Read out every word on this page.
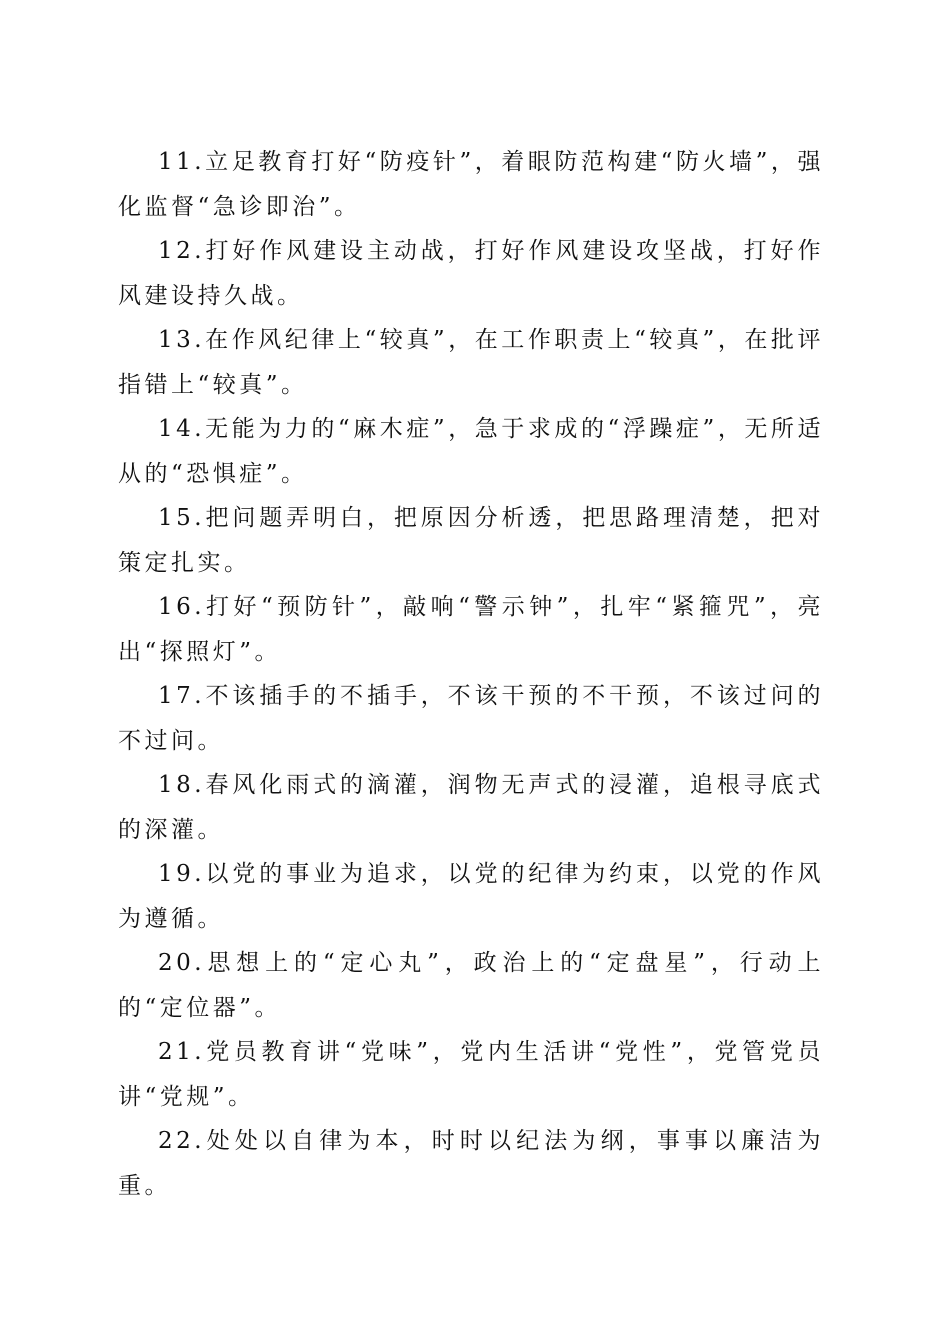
11.立足教育打好“防疫针”，着眼防范构建“防火墙”，强化监督“急诊即治”。

12.打好作风建设主动战，打好作风建设攻坚战，打好作风建设持久战。

13.在作风纪律上“较真”，在工作职责上“较真”，在批评指错上“较真”。

14.无能为力的“麻木症”，急于求成的“浮躁症”，无所适从的“恐惧症”。

15.把问题弄明白，把原因分析透，把思路理清楚，把对策定扎实。

16.打好“预防针”，敲响“警示钟”，扎牢“紧箍咒”，亮出“探照灯”。

17.不该插手的不插手，不该干预的不干预，不该过问的不过问。

18.春风化雨式的滴灌，润物无声式的浸灌，追根寻底式的深灌。

19.以党的事业为追求，以党的纪律为约束，以党的作风为遵循。

20.思想上的“定心丸”，政治上的“定盘星”，行动上的“定位器”。

21.党员教育讲“党味”，党内生活讲“党性”，党管党员讲“党规”。

22.处处以自律为本，时时以纪法为纲，事事以廉洁为重。
